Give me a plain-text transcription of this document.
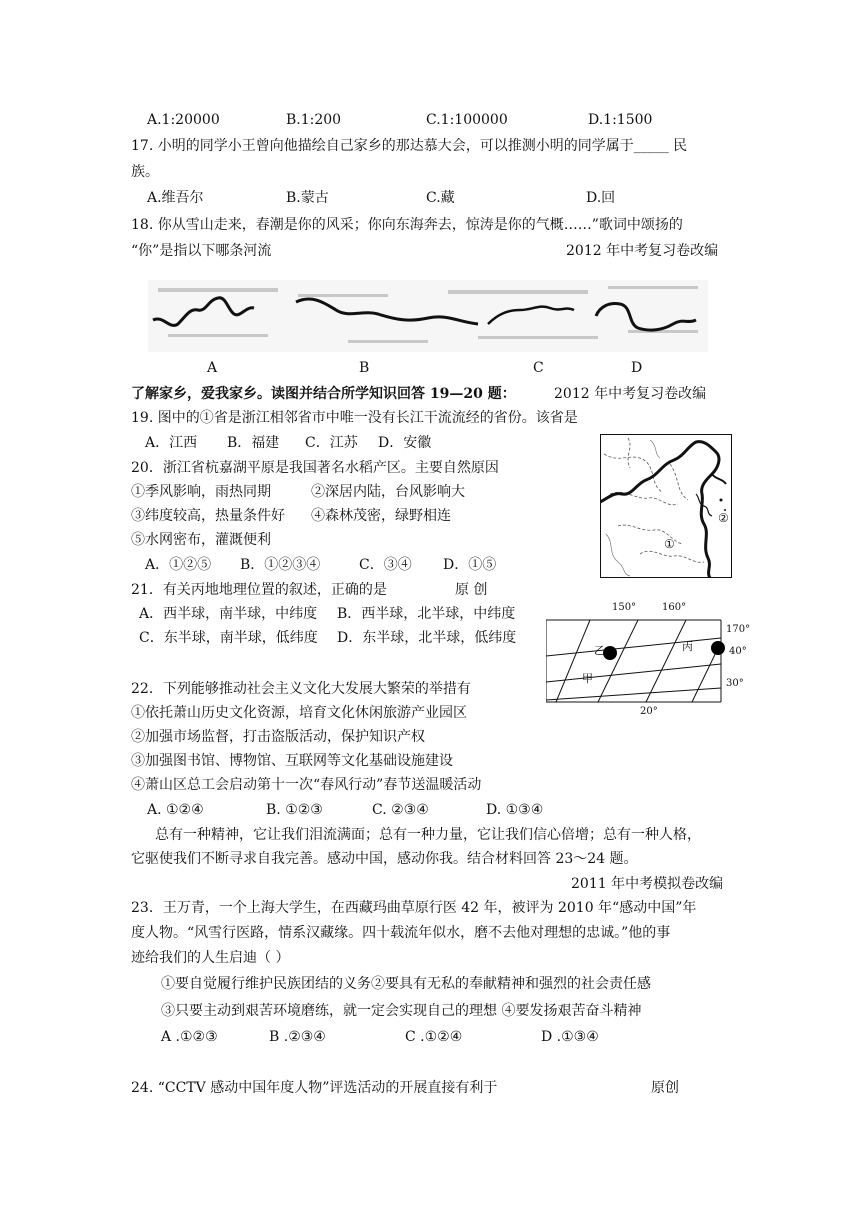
A.1:20000	B.1:200	C.1:100000	D.1:1500
17. 小明的同学小王曾向他描绘自己家乡的那达慕大会，可以推测小明的同学属于_____ 民
族。
A.维吾尔	B.蒙古	C.藏	D.回
18. 你从雪山走来，春潮是你的风采；你向东海奔去，惊涛是你的气概……”歌词中颂扬的
“你”是指以下哪条河流	2012 年中考复习卷改编
A	B	C	D
了解家乡，爱我家乡。读图并结合所学知识回答 19—20 题：	2012 年中考复习卷改编
19. 图中的①省是浙江相邻省市中唯一没有长江干流流经的省份。该省是
A．江西 B．福建 C．江苏 D．安徽
20．浙江省杭嘉湖平原是我国著名水稻产区。主要自然原因
①季风影响，雨热同期	②深居内陆，台风影响大
③纬度较高，热量条件好 ④森林茂密，绿野相连
⑤水网密布，灌溉便利
A．①②⑤ B．①②③④	C．③④ D．①⑤
①
②
21．有关丙地地理位置的叙述，正确的是	原 创
A．西半球，南半球，中纬度 B．西半球，北半球，中纬度
C．东半球，南半球，低纬度 D．东半球，北半球，低纬度
150°	160°
170°
40°
30°
20°
乙	丙
甲
22．下列能够推动社会主义文化大发展大繁荣的举措有
①依托萧山历史文化资源，培育文化休闲旅游产业园区
②加强市场监督，打击盗版活动，保护知识产权
③加强图书馆、博物馆、互联网等文化基础设施建设
④萧山区总工会启动第十一次“春风行动”春节送温暖活动
A. ①②④	B. ①②③	C. ②③④	D. ①③④
总有一种精神，它让我们泪流满面；总有一种力量，它让我们信心倍增；总有一种人格，
它驱使我们不断寻求自我完善。感动中国，感动你我。结合材料回答 23～24 题。
2011 年中考模拟卷改编
23．王万青，一个上海大学生，在西藏玛曲草原行医 42 年，被评为 2010 年“感动中国”年
度人物。“风雪行医路，情系汉藏缘。四十载流年似水，磨不去他对理想的忠诚。”他的事
迹给我们的人生启迪（ ）
①要自觉履行维护民族团结的义务②要具有无私的奉献精神和强烈的社会责任感
③只要主动到艰苦环境磨练，就一定会实现自己的理想 ④要发扬艰苦奋斗精神
A .①②③	B .②③④	C .①②④	D .①③④
24. “CCTV 感动中国年度人物”评选活动的开展直接有利于	原创
